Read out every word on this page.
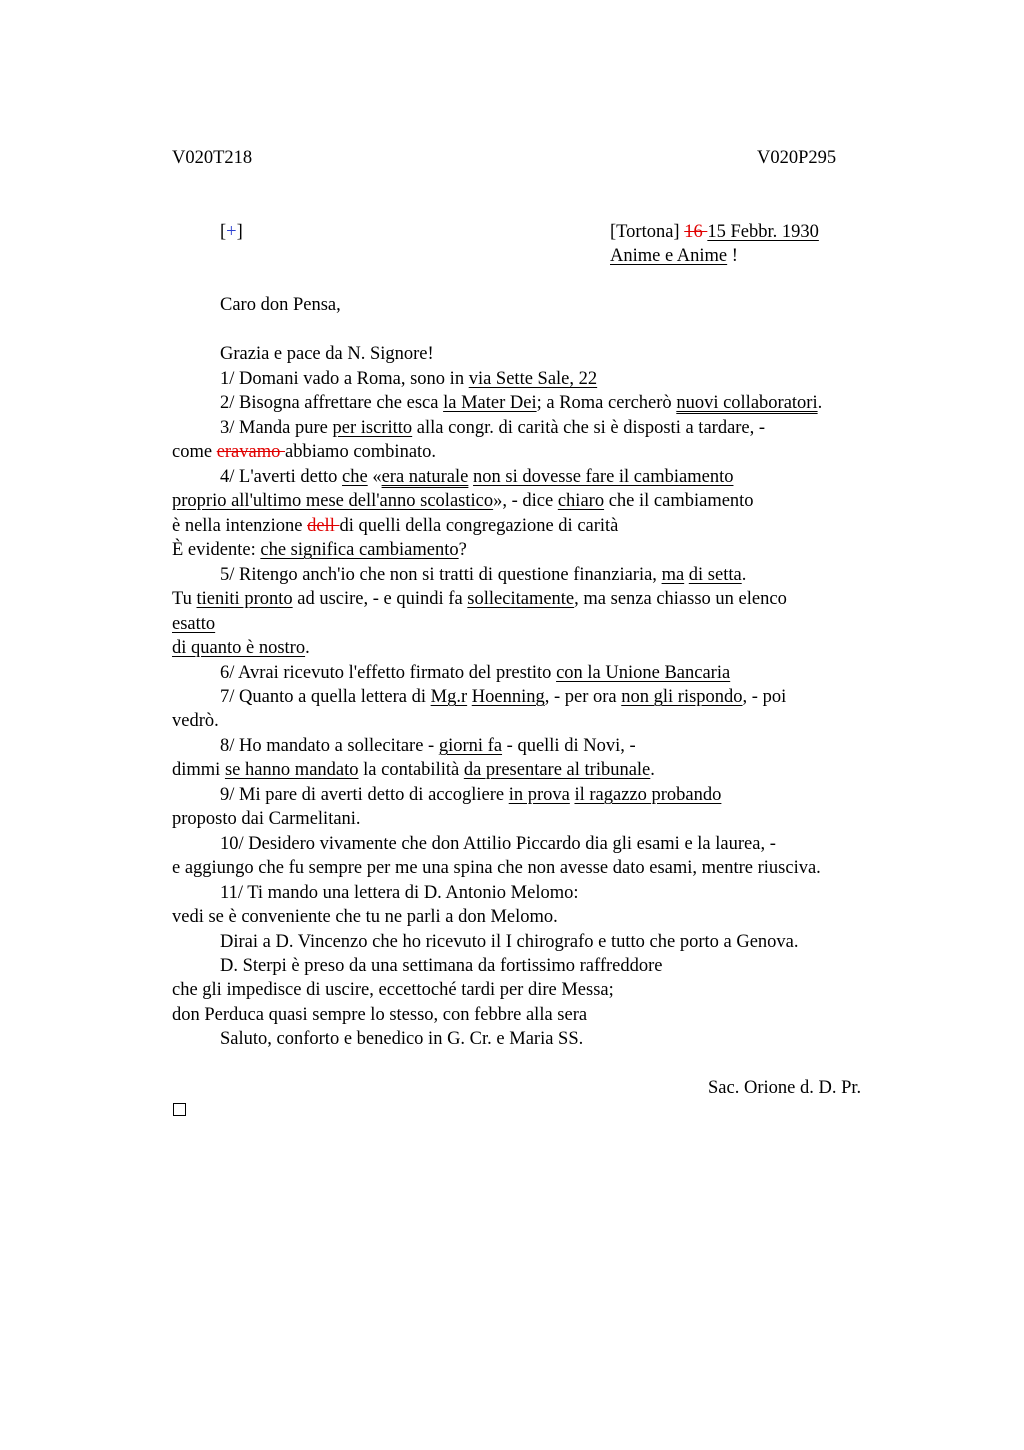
V020T218	V020P295
[+]	[Tortona] 16 15 Febbr. 1930
Anime e Anime !
Caro don Pensa,
Grazia e pace da N. Signore!
1/ Domani vado a Roma, sono in via Sette Sale, 22
2/ Bisogna affrettare che esca la Mater Dei; a Roma cercherò nuovi collaboratori.
3/ Manda pure per iscritto alla congr. di carità che si è disposti a tardare, -
come eravamo abbiamo combinato.
4/ L'averti detto che «era naturale non si dovesse fare il cambiamento
proprio all'ultimo mese dell'anno scolastico», - dice chiaro che il cambiamento
è nella intenzione dell di quelli della congregazione di carità
È evidente: che significa cambiamento?
5/ Ritengo anch'io che non si tratti di questione finanziaria, ma di setta.
Tu tieniti pronto ad uscire, - e quindi fa sollecitamente, ma senza chiasso un elenco
esatto
di quanto è nostro.
6/ Avrai ricevuto l'effetto firmato del prestito con la Unione Bancaria
7/ Quanto a quella lettera di Mg.r Hoenning, - per ora non gli rispondo, - poi
vedrò.
8/ Ho mandato a sollecitare - giorni fa - quelli di Novi, -
dimmi se hanno mandato la contabilità da presentare al tribunale.
9/ Mi pare di averti detto di accogliere in prova il ragazzo probando
proposto dai Carmelitani.
10/ Desidero vivamente che don Attilio Piccardo dia gli esami e la laurea, -
e aggiungo che fu sempre per me una spina che non avesse dato esami, mentre riusciva.
11/ Ti mando una lettera di D. Antonio Melomo:
vedi se è conveniente che tu ne parli a don Melomo.
Dirai a D. Vincenzo che ho ricevuto il I chirografo e tutto che porto a Genova.
D. Sterpi è preso da una settimana da fortissimo raffreddore
che gli impedisce di uscire, eccettoché tardi per dire Messa;
don Perduca quasi sempre lo stesso, con febbre alla sera
Saluto, conforto e benedico in G. Cr. e Maria SS.
Sac. Orione d. D. Pr.
